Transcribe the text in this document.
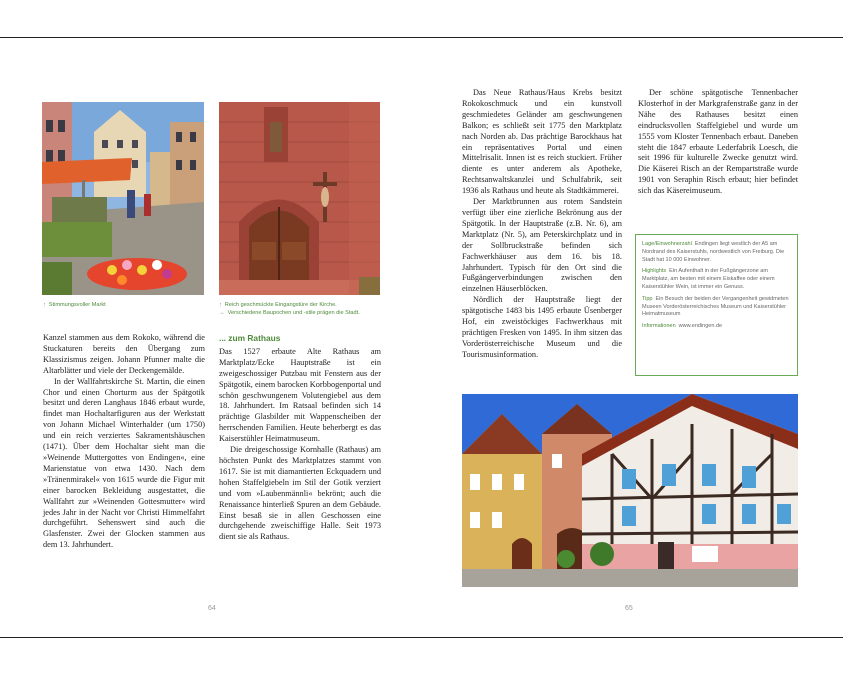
↑ Stimmungsvoller Markt	↑ Reich geschmückte Eingangstüre der Kirche.
→ Verschiedene Baupochen und -stile prägen die Stadt.

Kanzel stammen aus dem Rokoko, während die Stuckaturen bereits den Übergang zum Klassizismus zeigen. Johann Pfunner malte die Altarblätter und viele der Deckengemälde.

In der Wallfahrtskirche St. Martin, die einen Chor und einen Chorturm aus der Spätgotik besitzt und deren Langhaus 1846 erbaut wurde, findet man Hochaltarfiguren aus der Werkstatt von Johann Michael Winterhalder (um 1750) und ein reich verziertes Sakramentshäuschen (1471). Über dem Hochaltar sieht man die »Weinende Muttergottes von Endingen«, eine Marienstatue von etwa 1430. Nach dem »Tränenmirakel« von 1615 wurde die Figur mit einer barocken Bekleidung ausgestattet, die Wallfahrt zur »Weinenden Gottesmutter« wird jedes Jahr in der Nacht vor Christi Himmelfahrt durchgeführt. Sehenswert sind auch die Glasfenster. Zwei der Glocken stammen aus dem 13. Jahrhundert.

... zum Rathaus

Das 1527 erbaute Alte Rathaus am Marktplatz/Ecke Hauptstraße ist ein zweigeschossiger Putzbau mit Fenstern aus der Spätgotik, einem barocken Korbbogenportal und schön geschwungenem Volutengiebel aus dem 18. Jahrhundert. Im Ratsaal befinden sich 14 prächtige Glasbilder mit Wappenscheiben der herrschenden Familien. Heute beherbergt es das Kaiserstühler Heimatmuseum.

Die dreigeschossige Kornhalle (Rathaus) am höchsten Punkt des Marktplatzes stammt von 1617. Sie ist mit diamantierten Eckquadern und hohen Staffelgiebeln im Stil der Gotik verziert und vom »Laubenmännli« bekrönt; auch die Renaissance hinterließ Spuren an dem Gebäude. Einst besaß sie in allen Geschossen eine durchgehende zweischiffige Halle. Seit 1973 dient sie als Rathaus.

Das Neue Rathaus/Haus Krebs besitzt Rokokoschmuck und ein kunstvoll geschmiedetes Geländer am geschwungenen Balkon; es schließt seit 1775 den Marktplatz nach Norden ab. Das prächtige Barockhaus hat ein repräsentatives Portal und einen Mittelrisalit. Innen ist es reich stuckiert. Früher diente es unter anderem als Apotheke, Rechtsanwaltskanzlei und Schulfabrik, seit 1936 als Rathaus und heute als Stadtkämmerei.

Der Marktbrunnen aus rotem Sandstein verfügt über eine zierliche Bekrönung aus der Spätgotik. In der Hauptstraße (z.B. Nr. 6), am Marktplatz (Nr. 5), am Peterskirchplatz und in der Sollbruckstraße befinden sich Fachwerkhäuser aus dem 16. bis 18. Jahrhundert. Typisch für den Ort sind die Fußgängerverbindungen zwischen den einzelnen Häuserblöcken.

Nördlich der Hauptstraße liegt der spätgotische 1483 bis 1495 erbaute Üsenberger Hof, ein zweistöckiges Fachwerkhaus mit prächtigen Fresken von 1495. In ihm sitzen das Vorderösterreichische Museum und die Tourismusinformation.

Der schöne spätgotische Tennenbacher Klosterhof in der Markgrafenstraße ganz in der Nähe des Rathauses besitzt einen eindrucksvollen Staffelgiebel und wurde um 1555 vom Kloster Tennenbach erbaut. Daneben steht die 1847 erbaute Lederfabrik Loesch, die seit 1996 für kulturelle Zwecke genutzt wird. Die Käserei Risch an der Rempartstraße wurde 1901 von Seraphin Risch erbaut; hier befindet sich das Käsereimuseum.

Lage/Einwohnerzahl Endingen liegt westlich der A5 am Nordrand des Kaiserstuhls, nordwestlich von Freiburg. Die Stadt hat 10 000 Einwohner.

Highlights Ein Aufenthalt in der Fußgängerzone am Marktplatz, am besten mit einem Eiskaffee oder einem Kaiserstühler Wein, ist immer ein Genuss.

Tipp Ein Besuch der beiden der Vergangenheit gewidmeten Museen Vorderösterreichisches Museum und Kaiserstühler Heimatmuseum

Informationen www.endingen.de

64	65
